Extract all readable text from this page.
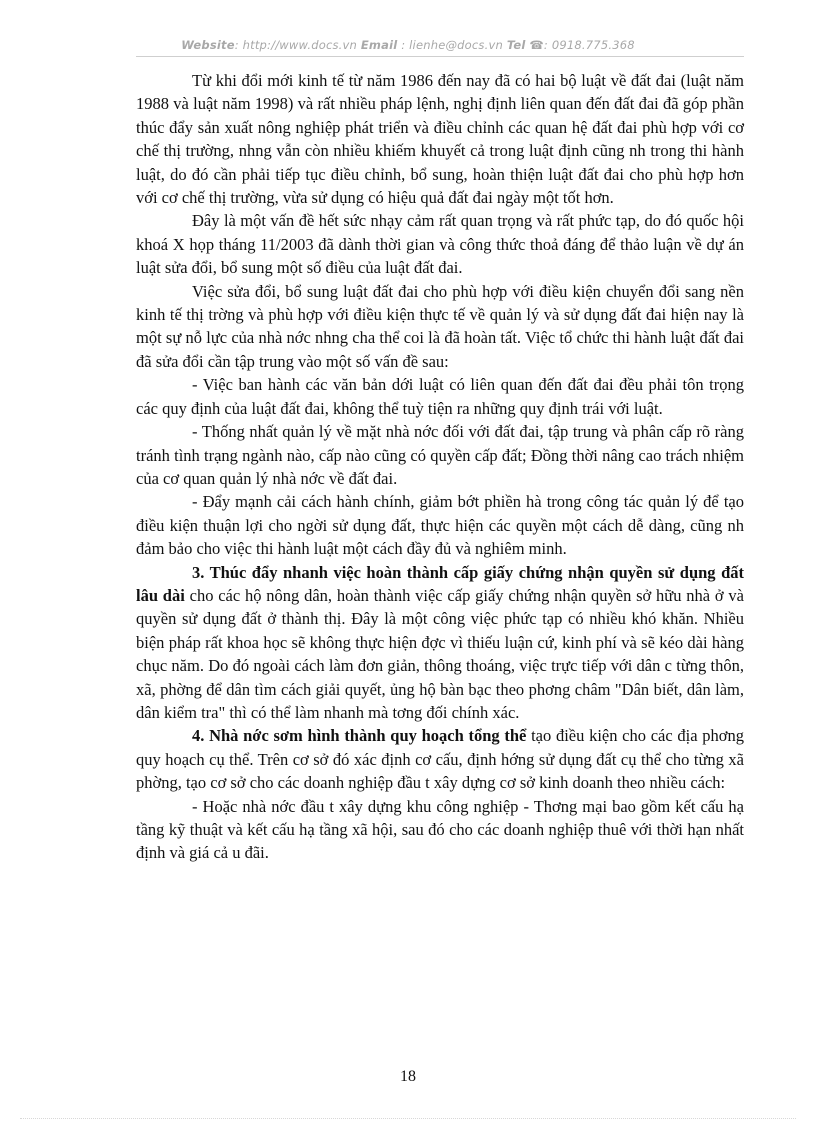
Website: http://www.docs.vn Email : lienhe@docs.vn Tel ☎: 0918.775.368

Từ khi đổi mới kinh tế từ năm 1986 đến nay đã có hai bộ luật về đất đai (luật năm 1988 và luật năm 1998) và rất nhiều pháp lệnh, nghị định liên quan đến đất đai đã góp phần thúc đẩy sản xuất nông nghiệp phát triển và điều chỉnh các quan hệ đất đai phù hợp với cơ chế thị trường, nhng vẫn còn nhiều khiếm khuyết cả trong luật định cũng nh trong thi hành luật, do đó cần phải tiếp tục điều chỉnh, bổ sung, hoàn thiện luật đất đai cho phù hợp hơn với cơ chế thị trường, vừa sử dụng có hiệu quả đất đai ngày một tốt hơn.

Đây là một vấn đề hết sức nhạy cảm rất quan trọng và rất phức tạp, do đó quốc hội khoá X họp tháng 11/2003 đã dành thời gian và công thức thoả đáng để thảo luận về dự án luật sửa đổi, bổ sung một số điều của luật đất đai.

Việc sửa đổi, bổ sung luật đất đai cho phù hợp với điều kiện chuyển đổi sang nền kinh tế thị trờng và phù hợp với điều kiện thực tế về quản lý và sử dụng đất đai hiện nay là một sự nỗ lực của nhà nớc nhng cha thể coi là đã hoàn tất. Việc tổ chức thi hành luật đất đai đã sửa đổi cần tập trung vào một số vấn đề sau:

- Việc ban hành các văn bản dới luật có liên quan đến đất đai đều phải tôn trọng các quy định của luật đất đai, không thể tuỳ tiện ra những quy định trái với luật.

- Thống nhất quản lý về mặt nhà nớc đối với đất đai, tập trung và phân cấp rõ ràng tránh tình trạng ngành nào, cấp nào cũng có quyền cấp đất; Đồng thời nâng cao trách nhiệm của cơ quan quản lý nhà nớc về đất đai.

- Đẩy mạnh cải cách hành chính, giảm bớt phiền hà trong công tác quản lý để tạo điều kiện thuận lợi cho ngời sử dụng đất, thực hiện các quyền một cách dễ dàng, cũng nh đảm bảo cho việc thi hành luật một cách đầy đủ và nghiêm minh.

3. Thúc đẩy nhanh việc hoàn thành cấp giấy chứng nhận quyền sử dụng đất lâu dài cho các hộ nông dân, hoàn thành việc cấp giấy chứng nhận quyền sở hữu nhà ở và quyền sử dụng đất ở thành thị. Đây là một công việc phức tạp có nhiều khó khăn. Nhiều biện pháp rất khoa học sẽ không thực hiện đợc vì thiếu luận cứ, kinh phí và sẽ kéo dài hàng chục năm. Do đó ngoài cách làm đơn giản, thông thoáng, việc trực tiếp với dân c từng thôn, xã, phờng để dân tìm cách giải quyết, ủng hộ bàn bạc theo phơng châm "Dân biết, dân làm, dân kiểm tra" thì có thể làm nhanh mà tơng đối chính xác.

4. Nhà nớc sơm hình thành quy hoạch tổng thể tạo điều kiện cho các địa phơng quy hoạch cụ thể. Trên cơ sở đó xác định cơ cấu, định hớng sử dụng đất cụ thể cho từng xã phờng, tạo cơ sở cho các doanh nghiệp đầu t xây dựng cơ sở kinh doanh theo nhiều cách:

- Hoặc nhà nớc đầu t xây dựng khu công nghiệp - Thơng mại bao gồm kết cấu hạ tầng kỹ thuật và kết cấu hạ tầng xã hội, sau đó cho các doanh nghiệp thuê với thời hạn nhất định và giá cả u đãi.

18
